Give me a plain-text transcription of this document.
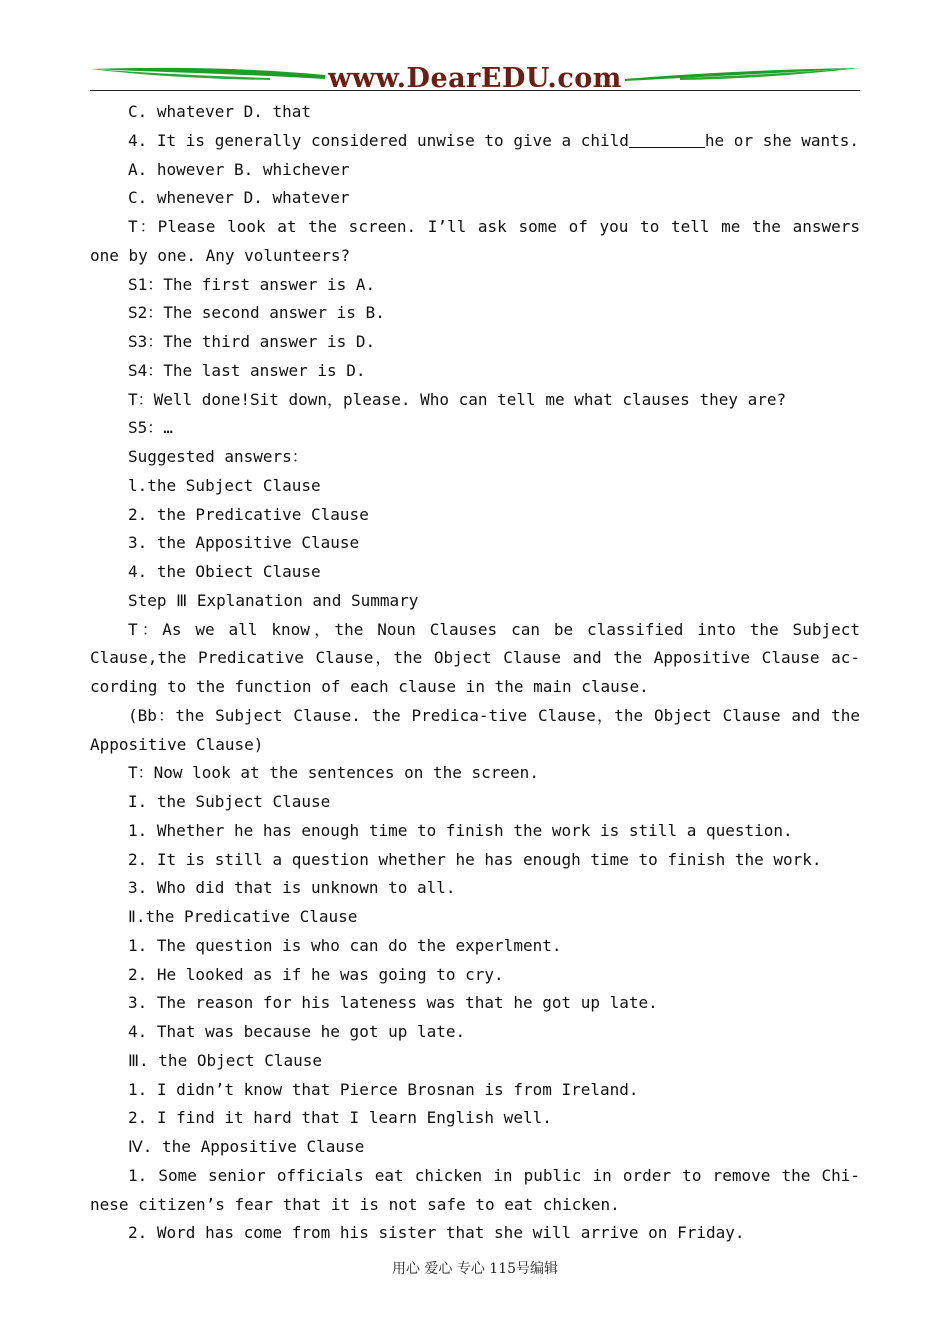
www.DearEDU.com

C. whatever D. that

4. It is generally considered unwise to give a child	he or she wants.

A. however B. whichever

C. whenever D. whatever

T：Please look at the screen. I’ll ask some of you to tell me the answers one by one. Any volunteers?

S1：The first answer is A.

S2：The second answer is B.

S3：The third answer is D.

S4：The last answer is D.

T：Well done!Sit down，please. Who can tell me what clauses they are?

S5：…

Suggested answers：

l.the Subject Clause

2. the Predicative Clause

3. the Appositive Clause

4. the Obiect Clause

Step Ⅲ Explanation and Summary

T：As we all know，the Noun Clauses can be classified into the Subject Clause,the Predicative Clause，the Object Clause and the Appositive Clause ac-cording to the function of each clause in the main clause.

(Bb：the Subject Clause. the Predica-tive Clause，the Object Clause and the Appositive Clause)

T：Now look at the sentences on the screen.

I. the Subject Clause

1. Whether he has enough time to finish the work is still a question.

2. It is still a question whether he has enough time to finish the work.

3. Who did that is unknown to all.

Ⅱ.the Predicative Clause

1. The question is who can do the experlment.

2. He looked as if he was going to cry.

3. The reason for his lateness was that he got up late.

4. That was because he got up late.

Ⅲ. the Object Clause

1. I didn’t know that Pierce Brosnan is from Ireland.

2. I find it hard that I learn English well.

Ⅳ. the Appositive Clause

1. Some senior officials eat chicken in public in order to remove the Chi-nese citizen’s fear that it is not safe to eat chicken.

2. Word has come from his sister that she will arrive on Friday.

用心 爱心 专心 115号编辑
